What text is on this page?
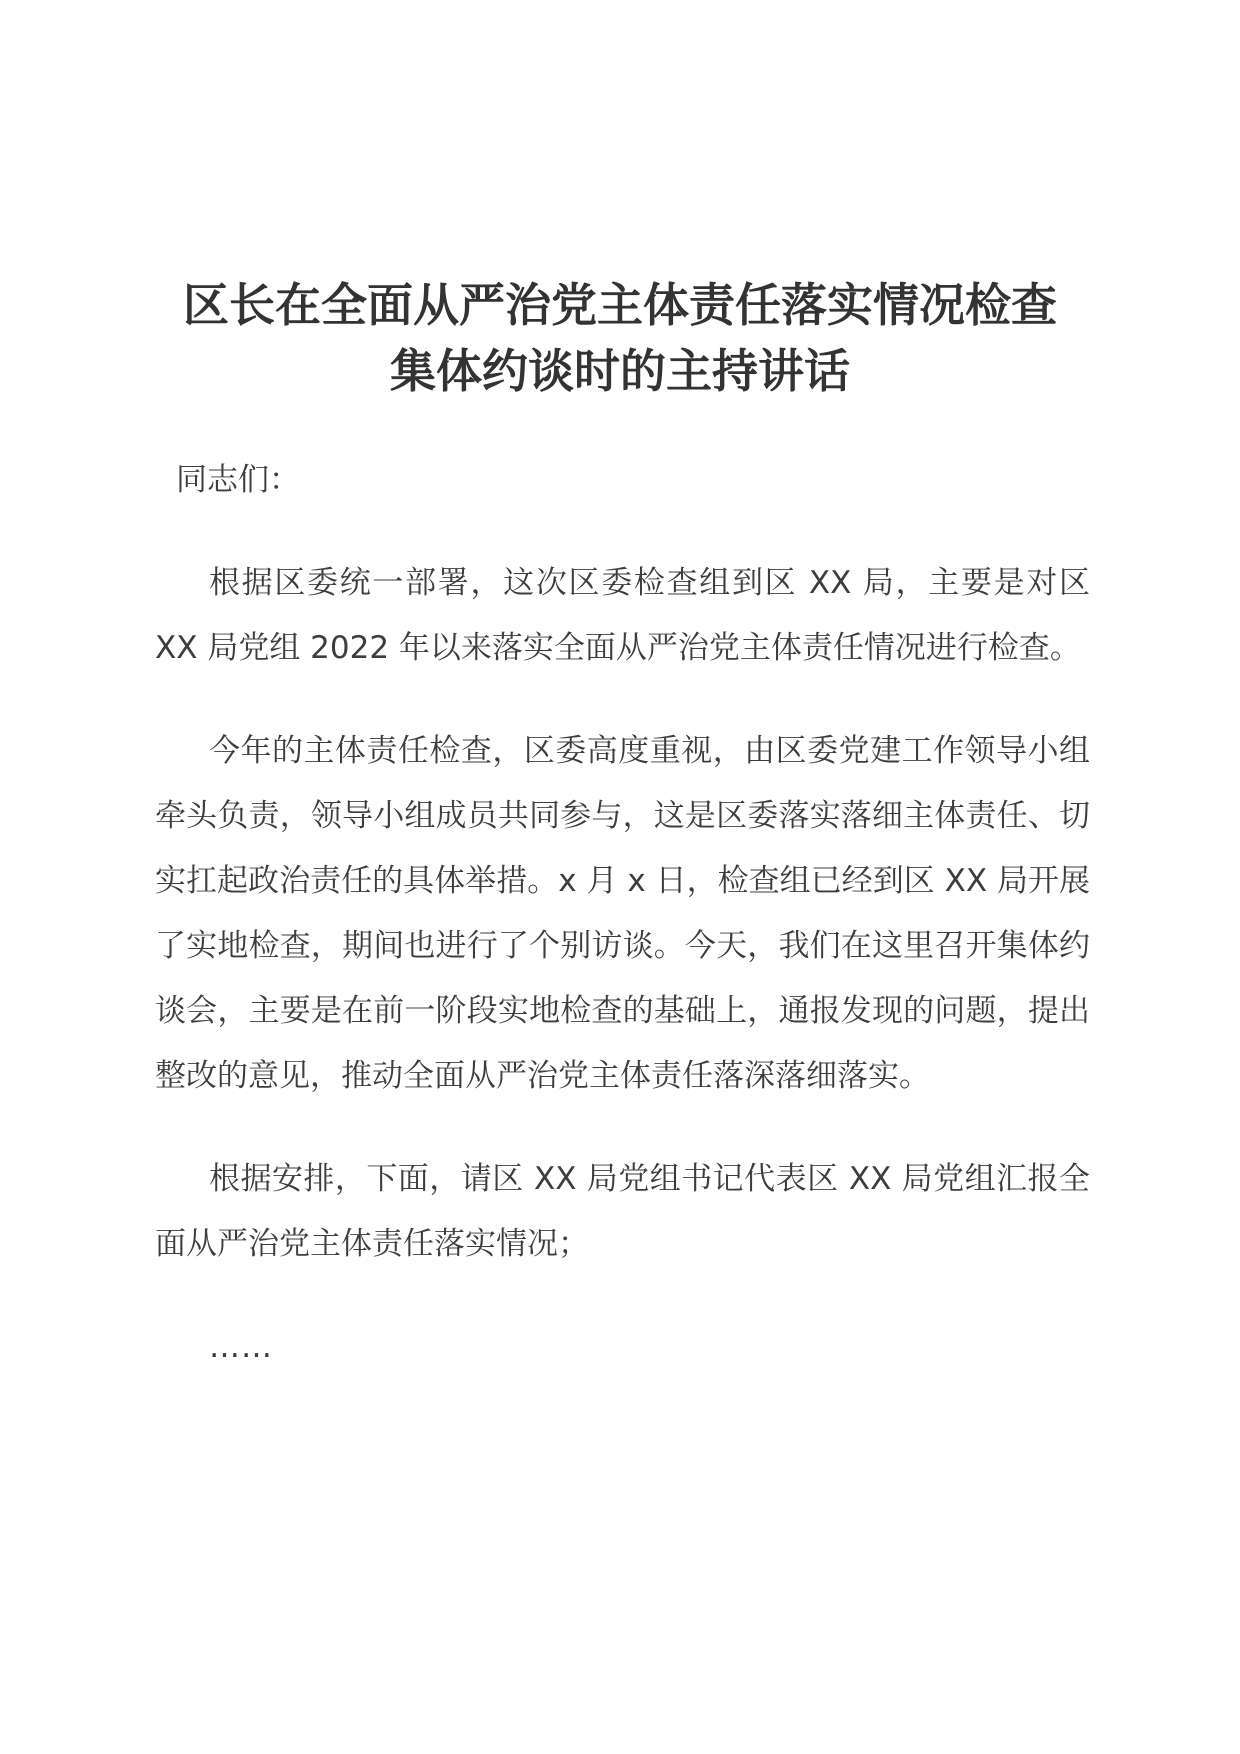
区长在全面从严治党主体责任落实情况检查
集体约谈时的主持讲话

同志们：

根据区委统一部署，这次区委检查组到区 XX 局，主要是对区 XX 局党组 2022 年以来落实全面从严治党主体责任情况进行检查。

今年的主体责任检查，区委高度重视，由区委党建工作领导小组牵头负责，领导小组成员共同参与，这是区委落实落细主体责任、切实扛起政治责任的具体举措。x 月 x 日，检查组已经到区 XX 局开展了实地检查，期间也进行了个别访谈。今天，我们在这里召开集体约谈会，主要是在前一阶段实地检查的基础上，通报发现的问题，提出整改的意见，推动全面从严治党主体责任落深落细落实。

根据安排，下面，请区 XX 局党组书记代表区 XX 局党组汇报全面从严治党主体责任落实情况；

……
